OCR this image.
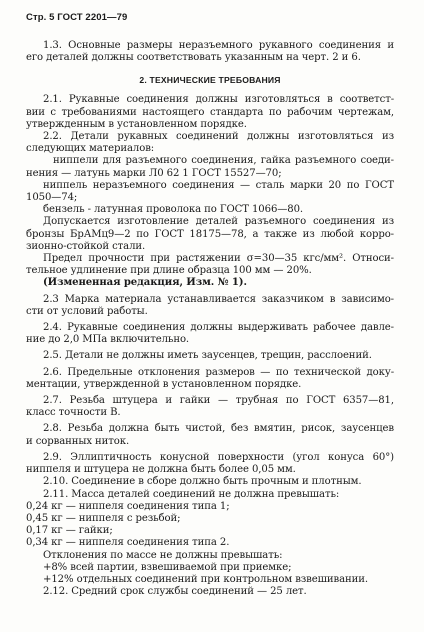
Стр. 5 ГОСТ 2201—79

1.3. Основные размеры неразъемного рукавного соединения и

его деталей должны соответствовать указанным на черт. 2 и 6.

2. ТЕХНИЧЕСКИЕ ТРЕБОВАНИЯ

2.1. Рукавные соединения должны изготовляться в соответст-

вии с требованиями настоящего стандарта по рабочим чертежам,

утвержденным в установленном порядке.

2.2. Детали рукавных соединений должны изготовляться из

следующих материалов:

ниппели для разъемного соединения, гайка разъемного соеди-

нения — латунь марки Л0 62 1 ГОСТ 15527—70;

ниппель неразъемного соединения — сталь марки 20 по ГОСТ

1050—74;

бензель - латунная проволока по ГОСТ 1066—80.

Допускается изготовление деталей разъемного соединения из

бронзы БрАМц9—2 по ГОСТ 18175—78, а также из любой корро-

зионно-стойкой стали.

Предел прочности при растяжении σ=30—35 кгс/мм². Относи-

тельное удлинение при длине образца 100 мм — 20%.

(Измененная редакция, Изм. № 1).

2.3 Марка материала устанавливается заказчиком в зависимо-

сти от условий работы.

2.4. Рукавные соединения должны выдерживать рабочее давле-

ние до 2,0 МПа включительно.

2.5. Детали не должны иметь заусенцев, трещин, расслоений.

2.6. Предельные отклонения размеров — по технической доку-

ментации, утвержденной в установленном порядке.

2.7. Резьба штуцера и гайки — трубная по ГОСТ 6357—81,

класс точности В.

2.8. Резьба должна быть чистой, без вмятин, рисок, заусенцев

и сорванных ниток.

2.9. Эллиптичность конусной поверхности (угол конуса 60°)

ниппеля и штуцера не должна быть более 0,05 мм.

2.10. Соединение в сборе должно быть прочным и плотным.

2.11. Масса деталей соединений не должна превышать:

0,24 кг — ниппеля соединения типа 1;

0,45 кг — ниппеля с резьбой;

0,17 кг — гайки;

0,34 кг — ниппеля соединения типа 2.

Отклонения по массе не должны превышать:

+8% всей партии, взвешиваемой при приемке;

+12% отдельных соединений при контрольном взвешивании.

2.12. Средний срок службы соединений — 25 лет.
